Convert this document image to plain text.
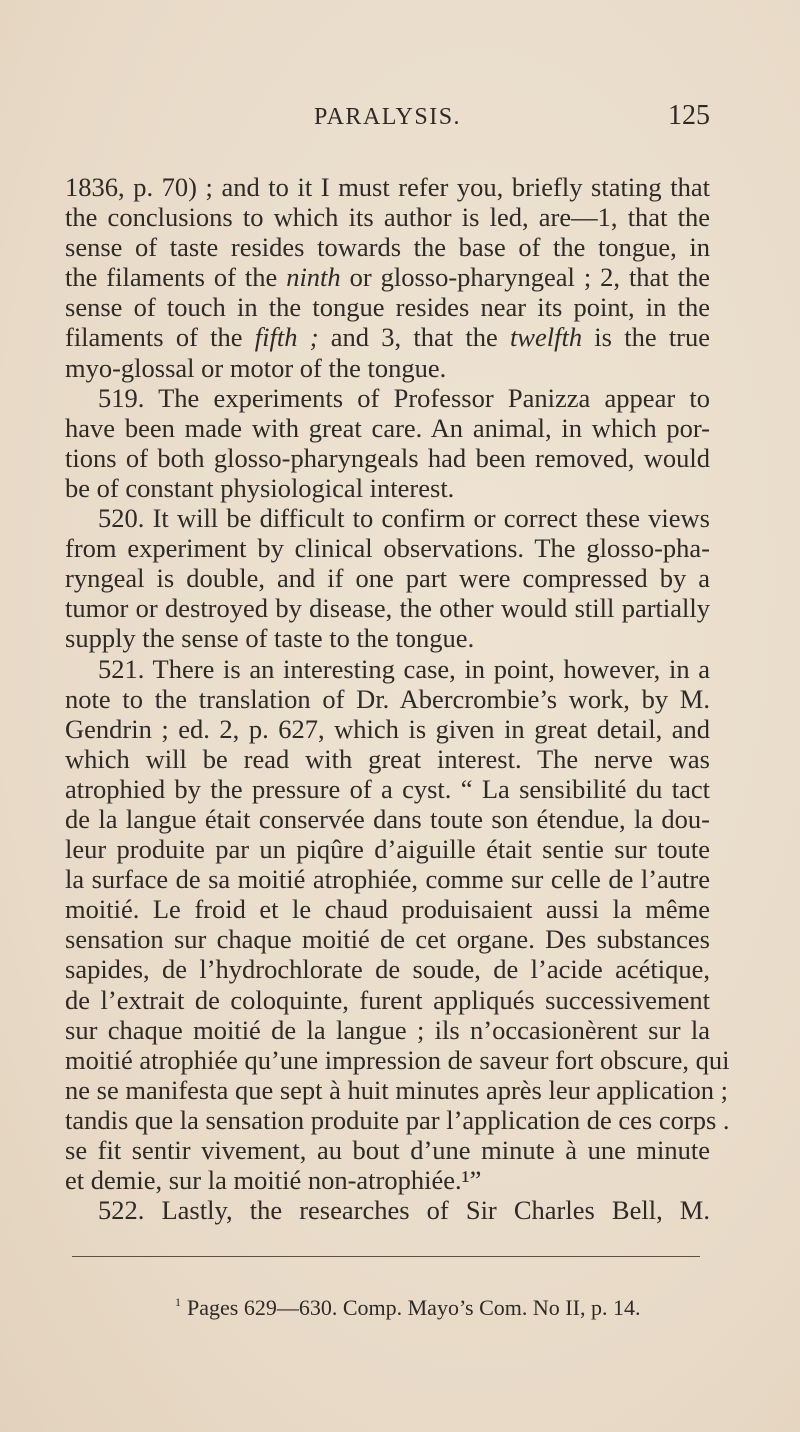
PARALYSIS.	125
1836, p. 70) ; and to it I must refer you, briefly stating that
the conclusions to which its author is led, are—1, that the
sense of taste resides towards the base of the tongue, in
the filaments of the ninth or glosso-pharyngeal ; 2, that the
sense of touch in the tongue resides near its point, in the
filaments of the fifth ; and 3, that the twelfth is the true
myo-glossal or motor of the tongue.
519. The experiments of Professor Panizza appear to
have been made with great care. An animal, in which por-
tions of both glosso-pharyngeals had been removed, would
be of constant physiological interest.
520. It will be difficult to confirm or correct these views
from experiment by clinical observations. The glosso-pha-
ryngeal is double, and if one part were compressed by a
tumor or destroyed by disease, the other would still partially
supply the sense of taste to the tongue.
521. There is an interesting case, in point, however, in a
note to the translation of Dr. Abercrombie’s work, by M.
Gendrin ; ed. 2, p. 627, which is given in great detail, and
which will be read with great interest. The nerve was
atrophied by the pressure of a cyst. “ La sensibilité du tact
de la langue était conservée dans toute son étendue, la dou-
leur produite par un piqûre d’aiguille était sentie sur toute
la surface de sa moitié atrophiée, comme sur celle de l’autre
moitié. Le froid et le chaud produisaient aussi la même
sensation sur chaque moitié de cet organe. Des substances
sapides, de l’hydrochlorate de soude, de l’acide acétique,
de l’extrait de coloquinte, furent appliqués successivement
sur chaque moitié de la langue ; ils n’occasionèrent sur la
moitié atrophiée qu’une impression de saveur fort obscure, qui
ne se manifesta que sept à huit minutes après leur application ;
tandis que la sensation produite par l’application de ces corps .
se fit sentir vivement, au bout d’une minute à une minute
et demie, sur la moitié non-atrophiée.¹”
522. Lastly, the researches of Sir Charles Bell, M.
$^1$ Pages 629—630. Comp. Mayo’s Com. No II, p. 14.
